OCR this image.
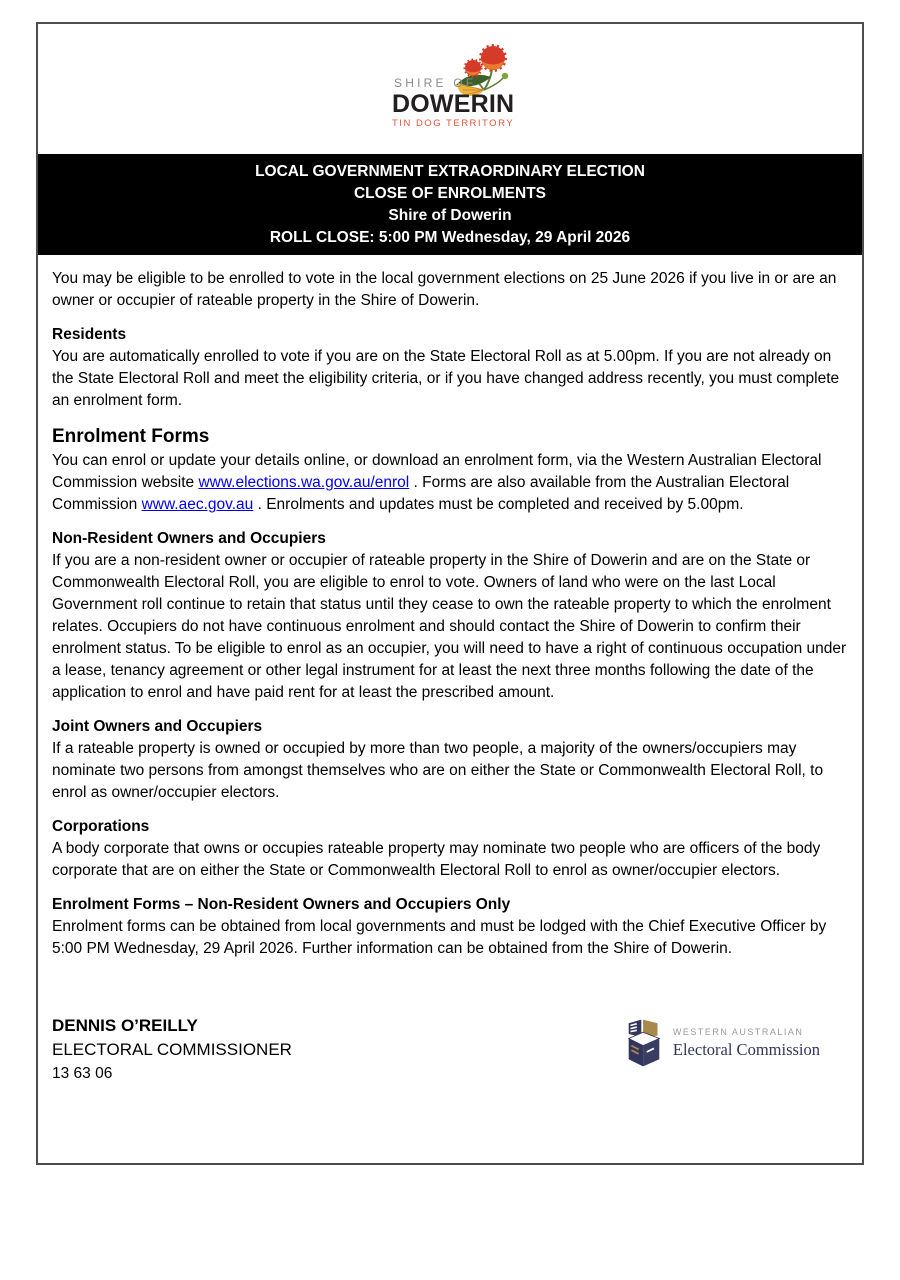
SHIRE OF
DOWERIN
TIN DOG TERRITORY
LOCAL GOVERNMENT EXTRAORDINARY ELECTION
CLOSE OF ENROLMENTS
Shire of Dowerin
ROLL CLOSE: 5:00 PM Wednesday, 29 April 2026

You may be eligible to be enrolled to vote in the local government elections on 25 June 2026 if you live in or are an owner or occupier of rateable property in the Shire of Dowerin.

Residents

You are automatically enrolled to vote if you are on the State Electoral Roll as at 5.00pm. If you are not already on the State Electoral Roll and meet the eligibility criteria, or if you have changed address recently, you must complete an enrolment form.

Enrolment Forms

You can enrol or update your details online, or download an enrolment form, via the Western Australian Electoral Commission website www.elections.wa.gov.au/enrol . Forms are also available from the Australian Electoral Commission www.aec.gov.au . Enrolments and updates must be completed and received by 5.00pm.

Non-Resident Owners and Occupiers

If you are a non-resident owner or occupier of rateable property in the Shire of Dowerin and are on the State or Commonwealth Electoral Roll, you are eligible to enrol to vote. Owners of land who were on the last Local Government roll continue to retain that status until they cease to own the rateable property to which the enrolment relates. Occupiers do not have continuous enrolment and should contact the Shire of Dowerin to confirm their enrolment status. To be eligible to enrol as an occupier, you will need to have a right of continuous occupation under a lease, tenancy agreement or other legal instrument for at least the next three months following the date of the application to enrol and have paid rent for at least the prescribed amount.

Joint Owners and Occupiers

If a rateable property is owned or occupied by more than two people, a majority of the owners/occupiers may nominate two persons from amongst themselves who are on either the State or Commonwealth Electoral Roll, to enrol as owner/occupier electors.

Corporations

A body corporate that owns or occupies rateable property may nominate two people who are officers of the body corporate that are on either the State or Commonwealth Electoral Roll to enrol as owner/occupier electors.

Enrolment Forms – Non-Resident Owners and Occupiers Only

Enrolment forms can be obtained from local governments and must be lodged with the Chief Executive Officer by 5:00 PM Wednesday, 29 April 2026. Further information can be obtained from the Shire of Dowerin.

DENNIS O’REILLY
ELECTORAL COMMISSIONER
13 63 06
WESTERN AUSTRALIAN
Electoral Commission
